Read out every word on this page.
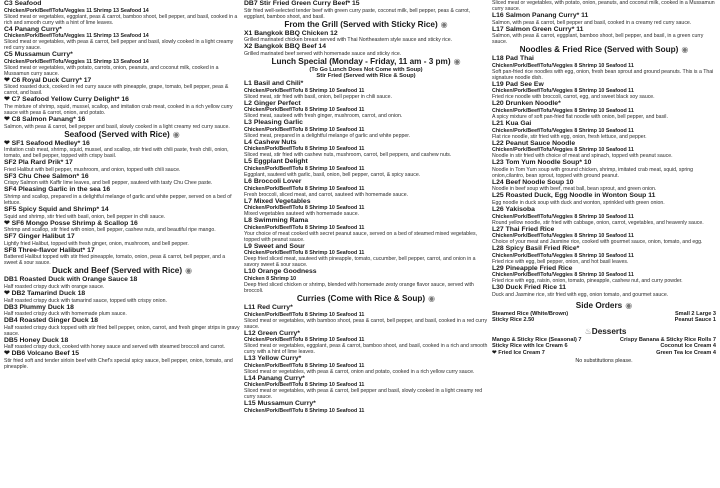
C3 Seafood
Chicken/Pork/Beef/Tofu/Veggies 11 Shrimp 13 Seafood 14
Sliced meat or vegetables, eggplant, peas & carrot, bamboo shoot, bell pepper, and basil, cooked in a rich and smooth curry with a hint of lime leaves.
C4 Panang Curry*
Chicken/Pork/Beef/Tofu/Veggies 11 Shrimp 13 Seafood 14
Sliced meat or vegetables, with peas & carrot, bell pepper and basil, slowly cooked in a light creamy red curry sauce.
C5 Mussamun Curry*
Chicken/Pork/Beef/Tofu/Veggies 11 Shrimp 13 Seafood 14
Sliced meat or vegetables, with potato, carrots, onion, peanuts, and coconut milk, cooked in a Mussamun curry sauce.
❤ C6 Royal Duck Curry* 17
Sliced roasted duck, cooked in red curry sauce with pineapple, grape, tomato, bell pepper, peas & carrot, and basil.
❤ C7 Seafood Yellow Curry Delight* 16
The mixture of shrimp, squid, mussel, scallop, and imitation crab meat, cooked in a rich yellow curry sauce with peas & carrot, onion, and potato.
❤ C8 Salmon Panang* 16
Salmon, with peas & carrot, bell pepper and basil, slowly cooked in a light creamy red curry sauce.
Seafood (Served with Rice) ◉
❤ SF1 Seafood Medley* 16
Imitation crab meat, shrimp, squid, mussel, and scallop, stir fried with chili paste, fresh chili, onion, tomato, and bell pepper, topped with crispy basil.
SF2 Pla Rard Prik* 17
Fried Halibut with bell pepper, mushroom, and onion, topped with chili sauce.
SF3 Chu Chee Salmon* 16
Crispy Salmon with Kaffir lime leaves, and bell pepper, sauteed with tasty Chu Chee paste.
SF4 Pleasing Garlic in the sea 16
Shrimp and scallop, prepared in a delightful melange of garlic and white pepper, served on a bed of lettuce.
SF5 Spicy Squid and Shrimp* 14
Squid and shrimp, stir fried with basil, onion, bell pepper in chili sauce.
❤ SF6 Mongo Posse Shrimp & Scallop 16
Shrimp and scallop, stir fried with onion, bell pepper, cashew nuts, and beautiful ripe mango.
SF7 Ginger Halibut 17
Lightly fried Halibut, topped with fresh ginger, onion, mushroom, and bell pepper.
SF8 Three-flavor Halibut* 17
Battered Halibut topped with stir fried pineapple, tomato, onion, peas & carrot, bell pepper, and a sweet & sour sauce.
Duck and Beef (Served with Rice) ◉
DB1 Roasted Duck with Orange Sauce 18
Half roasted crispy duck with orange sauce.
❤ DB2 Tamarind Duck 18
Half roasted crispy duck with tamarind sauce, topped with crispy onion.
DB3 Plummy Duck 18
Half roasted crispy duck with homemade plum sauce.
DB4 Roasted Ginger Duck 18
Half roasted crispy duck topped with stir fried bell pepper, onion, carrot, and fresh ginger strips in gravy sauce.
DB5 Honey Duck 18
Half roasted crispy duck, cooked with honey sauce and served with steamed broccoli and carrot.
❤ DB6 Volcano Beef 15
Stir fried soft and tender sirloin beef with Chef's special spicy sauce, bell pepper, onion, tomato, and pineapple.
DB7 Stir Fried Green Curry Beef* 15
Stir fried well-selected tender beef with green curry paste, coconut milk, bell pepper, peas & carrot, eggplant, bamboo shoot, and basil.
From the Grill (Served with Sticky Rice) ◉
X1 Bangkok BBQ Chicken 12
Grilled marinated chicken breast served with Thai Northeastern style sauce and sticky rice.
X2 Bangkok BBQ Beef 14
Grilled marinated beef served with homemade sauce and sticky rice.
Lunch Special (Monday - Friday, 11 am - 3 pm) ◉
(To Go Lunch Does Not Come with Soup)
Stir Fried (Served with Rice & Soup)
L1 Basil and Chili*
Chicken/Pork/Beef/Tofu 8 Shrimp 10 Seafood 11
Sliced meat, stir fried with basil, onion, bell pepper in chili sauce.
L2 Ginger Perfect
Chicken/Pork/Beef/Tofu 8 Shrimp 10 Seafood 11
Sliced meat, sauteed with fresh ginger, mushroom, carrot, and onion.
L3 Pleasing Garlic
Chicken/Pork/Beef/Tofu 8 Shrimp 10 Seafood 11
Sliced meat, prepared in a delightful melange of garlic and white pepper.
L4 Cashew Nuts
Chicken/Pork/Beef/Tofu 8 Shrimp 10 Seafood 11
Sliced meat, stir fried with cashew nuts, mushroom, carrot, bell peppers, and cashew nuts.
L5 Eggplant Delight
Chicken/Pork/Beef/Tofu 8 Shrimp 10 Seafood 11
Eggplant, sauteed with garlic, basil, onion, bell pepper, carrot, & spicy sauce.
L6 Broccoli Lover
Chicken/Pork/Beef/Tofu 8 Shrimp 10 Seafood 11
Fresh broccoli, sliced meat, and carrot, sauteed with homemade sauce.
L7 Mixed Vegetables
Chicken/Pork/Beef/Tofu 8 Shrimp 10 Seafood 11
Mixed vegetables sauteed with homemade sauce.
L8 Swimming Rama
Chicken/Pork/Beef/Tofu 8 Shrimp 10 Seafood 11
Your choice of meat cooked with secret peanut sauce, served on a bed of steamed mixed vegetables, topped with peanut sauce.
L9 Sweet and Sour
Chicken/Pork/Beef/Tofu 8 Shrimp 10 Seafood 11
Deep fried sliced meat, sauteed with pineapple, tomato, cucumber, bell pepper, carrot, and onion in a savory sweet & sour sauce.
L10 Orange Goodness
Chicken 8 Shrimp 10
Deep fried sliced chicken or shrimp, blended with homemade zesty orange flavor sauce, served with broccoli.
Curries (Come with Rice & Soup) ◉
L11 Red Curry*
Chicken/Pork/Beef/Tofu 8 Shrimp 10 Seafood 11
Sliced meat or vegetables, with bamboo shoot, peas & carrot, bell pepper, and basil, cooked in a red curry sauce.
L12 Green Curry*
Chicken/Pork/Beef/Tofu 8 Shrimp 10 Seafood 11
Sliced meat or vegetables, eggplant, peas & carrot, bamboo shoot, and basil, cooked in a rich and smooth curry with a hint of lime leaves.
L13 Yellow Curry*
Chicken/Pork/Beef/Tofu 8 Shrimp 10 Seafood 11
Sliced meat or vegetables, with peas & carrot, onion and potato, cooked in a rich yellow curry sauce.
L14 Panang Curry*
Chicken/Pork/Beef/Tofu 8 Shrimp 10 Seafood 11
Sliced meat or vegetables, with peas & carrot, bell pepper and basil, slowly cooked in a light creamy red curry sauce.
L15 Mussamun Curry*
Chicken/Pork/Beef/Tofu 8 Shrimp 10 Seafood 11
Sliced meat or vegetables, with potato, onion, peanuts, and coconut milk, cooked in a Mussamun curry sauce.
L16 Salmon Panang Curry* 11
Salmon, with peas & carrot, bell pepper and basil, cooked in a creamy red curry sauce.
L17 Salmon Green Curry* 11
Salmon, with peas & carrot, eggplant, bamboo shoot, bell pepper, and basil, in a green curry sauce.
Noodles & Fried Rice (Served with Soup) ◉
L18 Pad Thai
Chicken/Pork/Beef/Tofu/Veggies 8 Shrimp 10 Seafood 11
Soft pan-fried rice noodles with egg, onion, fresh bean sprout and ground peanuts. This is a Thai signature noodle dish.
L19 Pad See Ew
Chicken/Pork/Beef/Tofu/Veggies 8 Shrimp 10 Seafood 11
Fried rice noodle with broccoli, carrot, egg, and sweet black soy sauce.
L20 Drunken Noodle*
Chicken/Pork/Beef/Tofu/Veggies 8 Shrimp 10 Seafood 11
A spicy mixture of soft pan-fried flat noodle with onion, bell pepper, and basil.
L21 Kua Gai
Chicken/Pork/Beef/Tofu/Veggies 8 Shrimp 10 Seafood 11
Flat rice noodle, stir fried with egg, onion, fresh lettuce, and pepper.
L22 Peanut Sauce Noodle
Chicken/Pork/Beef/Tofu/Veggies 8 Shrimp 10 Seafood 11
Noodle in stir fried with choice of meat and spinach, topped with peanut sauce.
L23 Tom Yum Noodle Soup* 10
Noodle in Tom Yum soup with ground chicken, shrimp, imitated crab meat, squid, spring onion,cilantro, bean sprout, topped with ground peanut.
L24 Beef Noodle Soup 10
Noodle in beef soup with beef, meat ball, bean sprout, and green onion.
L25 Roasted Duck, Egg Noodle in Wonton Soup 11
Egg noodle in duck soup with duck and wonton, sprinkled with green onion.
L26 Yakisoba
Chicken/Pork/Beef/Tofu/Veggies 8 Shrimp 10 Seafood 11
Round yellow noodle, stir fried with cabbage, onion, carrot, vegetables, and heavenly sauce.
L27 Thai Fried Rice
Chicken/Pork/Beef/Tofu/Veggies 8 Shrimp 10 Seafood 11
Choice of your meat and Jasmine rice, cooked with gourmet sauce, onion, tomato, and egg.
L28 Spicy Basil Fried Rice*
Chicken/Pork/Beef/Tofu/Veggies 8 Shrimp 10 Seafood 11
Fried rice with egg, bell pepper, onion, and hot basil leaves.
L29 Pineapple Fried Rice
Chicken/Pork/Beef/Tofu/Veggies 8 Shrimp 10 Seafood 11
Fried rice with egg, raisin, onion, tomato, pineapple, cashew nut, and curry powder.
L30 Duck Fried Rice 11
Duck and Jasmine rice, stir fried with egg, onion tomato, and gourmet sauce.
Side Orders ◉
Steamed Rice (White/Brown)	Small 2 Large 3
Sticky Rice 2.50	Peanut Sauce 1
♨Desserts
Mango & Sticky Rice (Seasonal) 7	Crispy Banana & Sticky Rice Rolls 7
Sticky Rice with Ice Cream 6	Coconut Ice Cream 4
❤ Fried Ice Cream 7	Green Tea Ice Cream 4
No substitutions please.
